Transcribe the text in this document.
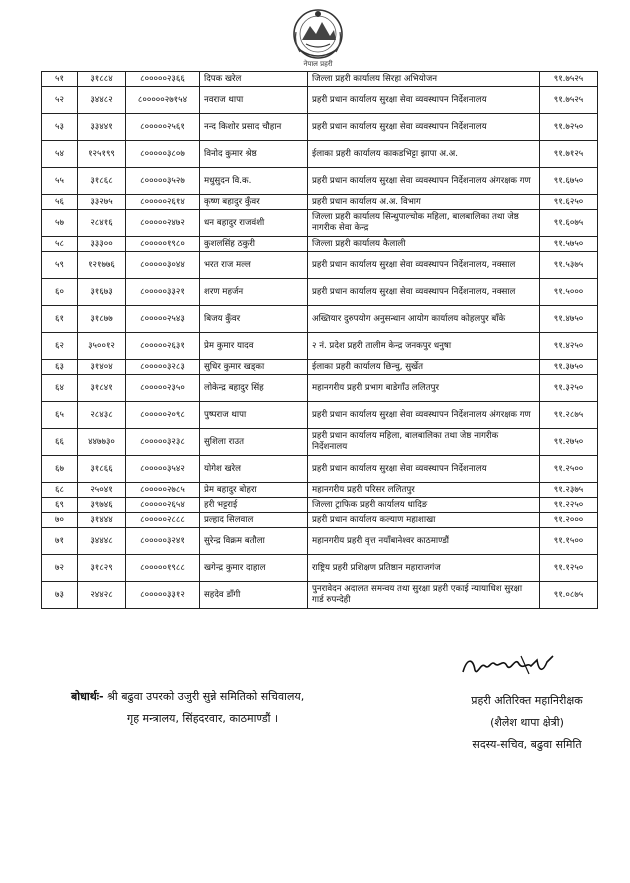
नेपाल प्रहरी
५१	३१८८४	८०००००२३६६	दिपक खरेल	जिल्ला प्रहरी कार्यालय सिरहा अभियोजन	९१.७५२५
५२	३४४८२	८०००००२७१५४	नवराज थापा	प्रहरी प्रधान कार्यालय सुरक्षा सेवा व्यवस्थापन निर्देशनालय	९१.७५२५
५३	३३४४१	८०००००२५६१	नन्द किशोर प्रसाद चौहान	प्रहरी प्रधान कार्यालय सुरक्षा सेवा व्यवस्थापन निर्देशनालय	९१.७२५०
५४	१२५१९९	८०००००३८०७	विनोद कुमार श्रेष्ठ	ईलाका प्रहरी कार्यालय काकडभिट्टा झापा अ.अ.	९१.७१२५
५५	३१८६८	८०००००३५२७	मधुसुदन वि.क.	प्रहरी प्रधान कार्यालय सुरक्षा सेवा व्यवस्थापन निर्देशनालय अंगरक्षक गण	९१.६७५०
५६	३३२७५	८०००००२६१४	कृष्ण बहादुर कुँवर	प्रहरी प्रधान कार्यालय अ.अ. विभाग	९१.६२५०
५७	२८४१६	८०००००२४७२	धन बहादुर राजवंशी	जिल्ला प्रहरी कार्यालय सिन्धुपाल्चोक महिला, बालबालिका तथा जेष्ठ नागरीक सेवा केन्द्र	९१.६०७५
५८	३३३००	८०००००१९८०	कुशलसिंह ठकुरी	जिल्ला प्रहरी कार्यालय कैलाली	९१.५७५०
५९	१२१७७६	८०००००३०४४	भरत राज मल्ल	प्रहरी प्रधान कार्यालय सुरक्षा सेवा व्यवस्थापन निर्देशनालय, नक्साल	९१.५३७५
६०	३१६७३	८०००००३३२१	शरण महर्जन	प्रहरी प्रधान कार्यालय सुरक्षा सेवा व्यवस्थापन निर्देशनालय, नक्साल	९१.५०००
६१	३१८७७	८०००००२५४३	बिजय कुँवर	अख्तियार दुरुपयोग अनुसन्धान आयोग कार्यालय कोहलपुर बाँके	९१.४७५०
६२	३५००१२	८०००००२६३१	प्रेम कुमार यादव	२ नं. प्रदेश प्रहरी तालीम केन्द्र जनकपुर धनुषा	९१.४२५०
६३	३१४०४	८०००००३२८३	सुधिर कुमार खड्का	ईलाका प्रहरी कार्यालय छिन्चु, सुर्खेत	९१.३७५०
६४	३१८४१	८०००००२३५०	लोकेन्द्र बहादुर सिंह	महानगरीय प्रहरी प्रभाग बाडेगाँउ ललितपुर	९१.३२५०
६५	२८४३८	८०००००२०९८	पुष्पराज थापा	प्रहरी प्रधान कार्यालय सुरक्षा सेवा व्यवस्थापन निर्देशनालय अंगरक्षक गण	९१.२८७५
६६	४४७७३०	८०००००३२३८	सुशिला राउत	प्रहरी प्रधान कार्यालय महिला, बालबालिका तथा जेष्ठ नागरीक निर्देशनालय	९१.२७५०
६७	३१८६६	८०००००३५४२	योगेश खरेल	प्रहरी प्रधान कार्यालय सुरक्षा सेवा व्यवस्थापन निर्देशनालय	९१.२५००
६८	२५०४१	८०००००२७८५	प्रेम बहादुर बोहरा	महानगरीय प्रहरी परिसर ललितपुर	९१.२३७५
६९	३९७४६	८०००००२६५४	हरी भट्टराई	जिल्ला ट्राफिक प्रहरी कार्यालय धादिङ	९१.२२५०
७०	३१४४४	८०००००२८८८	प्रल्हाद सिलवाल	प्रहरी प्रधान कार्यालय कल्याण महाशाखा	९१.२०००
७१	३४४४८	८०००००३२४१	सुरेन्द्र विक्रम बतौला	महानगरीय प्रहरी वृत्त नयाँबानेश्वर काठमाण्डौं	९१.१५००
७२	३१८२९	८०००००१९८८	खगेन्द्र कुमार दाहाल	राष्ट्रिय प्रहरी प्रशिक्षण प्रतिष्ठान महाराजगंज	९१.१२५०
७३	२४४२८	८०००००३३१२	सहदेव डाँगी	पुनरावेदन अदालत समन्वय तथा सुरक्षा प्रहरी एकाई न्यायाधिश सुरक्षा गार्ड रुपन्देही	९१.०८७५
बोधार्थः- श्री बढुवा उपरको उजुरी सुन्ने समितिको सचिवालय,
गृह मन्त्रालय, सिंहदरवार, काठमाण्डौं ।
प्रहरी अतिरिक्त महानिरीक्षक
(शैलेश थापा क्षेत्री)
सदस्य-सचिव, बढुवा समिति
